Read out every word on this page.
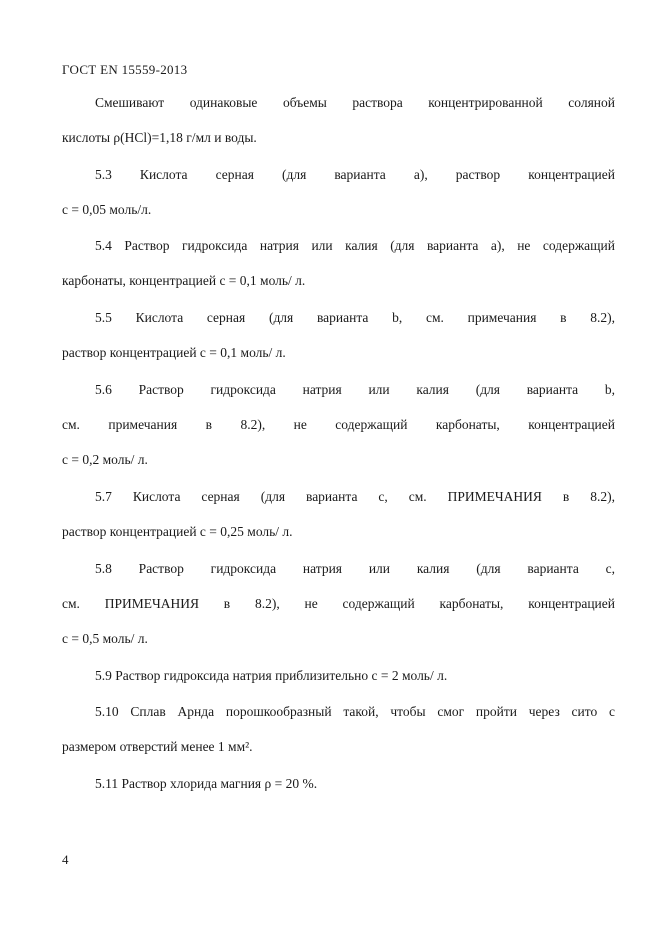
ГОСТ EN 15559-2013
Смешивают одинаковые объемы раствора концентрированной соляной
кислоты ρ(HCl)=1,18 г/мл и воды.
5.3 Кислота серная (для варианта a), раствор концентрацией
c = 0,05 моль/л.
5.4 Раствор гидроксида натрия или калия (для варианта a), не содержащий
карбонаты, концентрацией c = 0,1 моль/ л.
5.5 Кислота серная (для варианта b, см. примечания в 8.2),
раствор концентрацией c = 0,1 моль/ л.
5.6 Раствор гидроксида натрия или калия (для варианта b,
см. примечания в 8.2), не содержащий карбонаты, концентрацией
c = 0,2 моль/ л.
5.7 Кислота серная (для варианта c, см. ПРИМЕЧАНИЯ в 8.2),
раствор концентрацией c = 0,25 моль/ л.
5.8 Раствор гидроксида натрия или калия (для варианта c,
см. ПРИМЕЧАНИЯ в 8.2), не содержащий карбонаты, концентрацией
c = 0,5 моль/ л.
5.9 Раствор гидроксида натрия приблизительно c = 2 моль/ л.
5.10 Сплав Арнда порошкообразный такой, чтобы смог пройти через сито с
размером отверстий менее 1 мм².
5.11 Раствор хлорида магния ρ = 20 %.
4
